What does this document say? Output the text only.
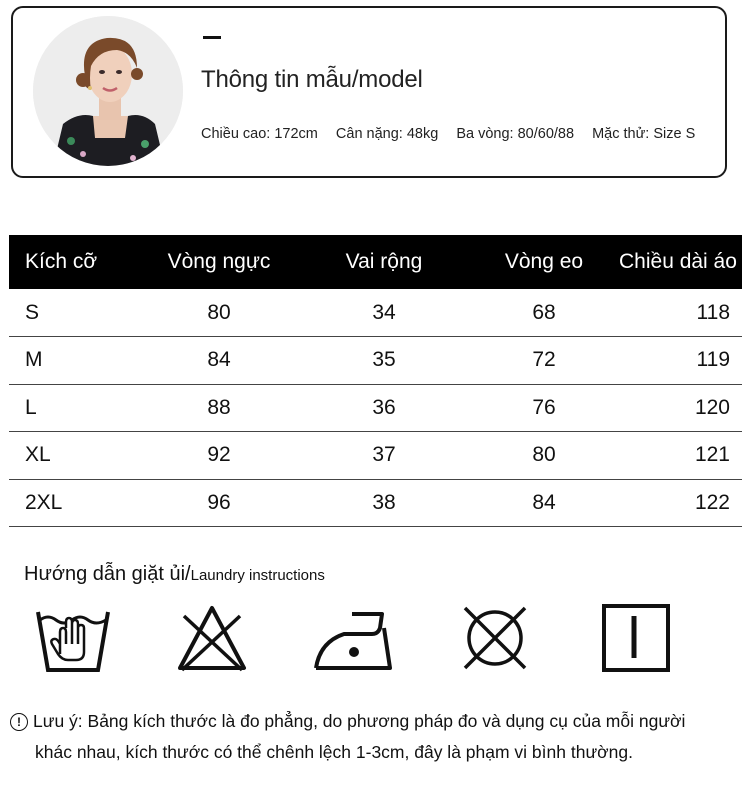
Thông tin mẫu/model
Chiều cao: 172cm Cân nặng: 48kg Ba vòng: 80/60/88 Mặc thử: Size S
Kích cỡ	Vòng ngực	Vai rộng	Vòng eo	Chiều dài áo
S	80	34	68	118
M	84	35	72	119
L	88	36	76	120
XL	92	37	80	121
2XL	96	38	84	122
Hướng dẫn giặt ủi/Laundry instructions
! Lưu ý: Bảng kích thước là đo phẳng, do phương pháp đo và dụng cụ của mỗi người
khác nhau, kích thước có thể chênh lệch 1-3cm, đây là phạm vi bình thường.
